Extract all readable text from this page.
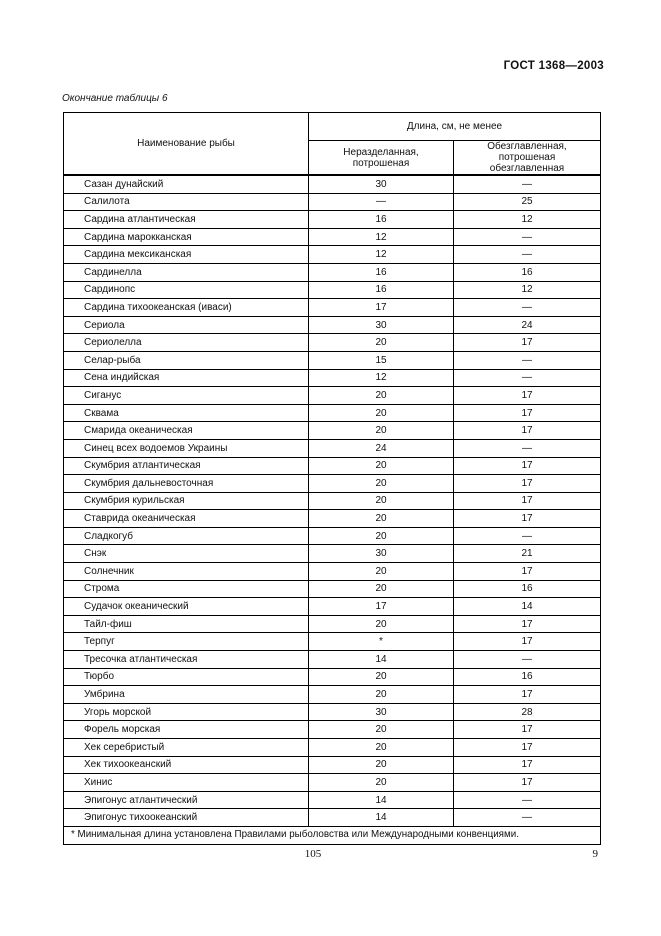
ГОСТ 1368—2003
Окончание таблицы 6
Наименование рыбы	Длина, см, не менее	
	Неразделанная, потрошеная	Обезглавленная, потрошеная обезглавленная
Сазан дунайский	30	—
Салилота	—	25
Сардина атлантическая	16	12
Сардина марокканская	12	—
Сардина мексиканская	12	—
Сардинелла	16	16
Сардинопс	16	12
Сардина тихоокеанская (иваси)	17	—
Сериола	30	24
Сериолелла	20	17
Селар-рыба	15	—
Сена индийская	12	—
Сиганус	20	17
Сквама	20	17
Смарида океаническая	20	17
Синец всех водоемов Украины	24	—
Скумбрия атлантическая	20	17
Скумбрия дальневосточная	20	17
Скумбрия курильская	20	17
Ставрида океаническая	20	17
Сладкогуб	20	—
Снэк	30	21
Солнечник	20	17
Строма	20	16
Судачок океанический	17	14
Тайл-фиш	20	17
Терпуг	*	17
Тресочка атлантическая	14	—
Тюрбо	20	16
Умбрина	20	17
Угорь морской	30	28
Форель морская	20	17
Хек серебристый	20	17
Хек тихоокеанский	20	17
Хинис	20	17
Эпигонус атлантический	14	—
Эпигонус тихоокеанский	14	—
* Минимальная длина установлена Правилами рыболовства или Международными конвенциями.		
105	9
